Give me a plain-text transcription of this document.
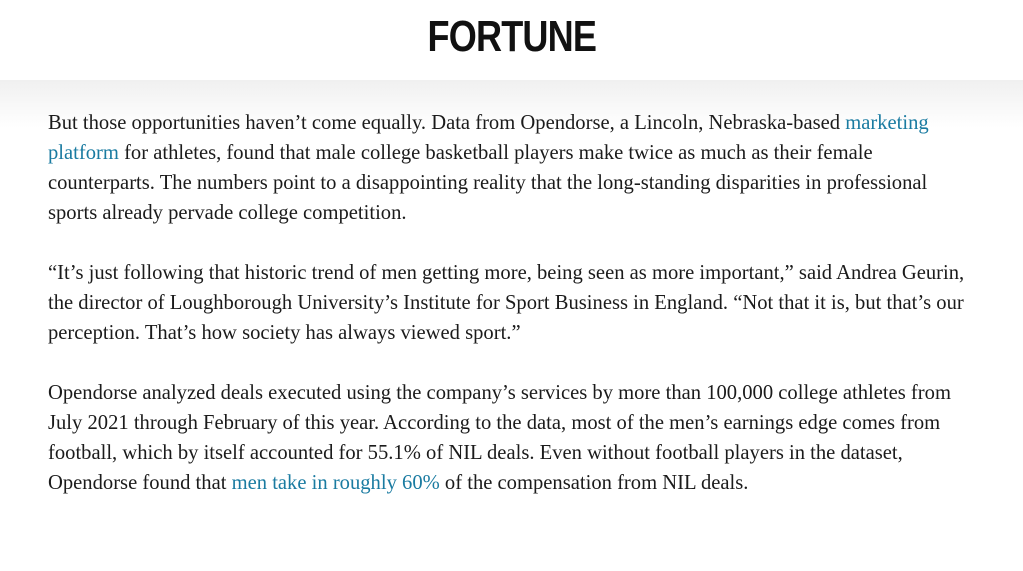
FORTUNE

But those opportunities haven’t come equally. Data from Opendorse, a Lincoln, Nebraska-based marketing platform for athletes, found that male college basketball players make twice as much as their female counterparts. The numbers point to a disappointing reality that the long-standing disparities in professional sports already pervade college competition.

“It’s just following that historic trend of men getting more, being seen as more important,” said Andrea Geurin, the director of Loughborough University’s Institute for Sport Business in England. “Not that it is, but that’s our perception. That’s how society has always viewed sport.”

Opendorse analyzed deals executed using the company’s services by more than 100,000 college athletes from July 2021 through February of this year. According to the data, most of the men’s earnings edge comes from football, which by itself accounted for 55.1% of NIL deals. Even without football players in the dataset, Opendorse found that men take in roughly 60% of the compensation from NIL deals.
